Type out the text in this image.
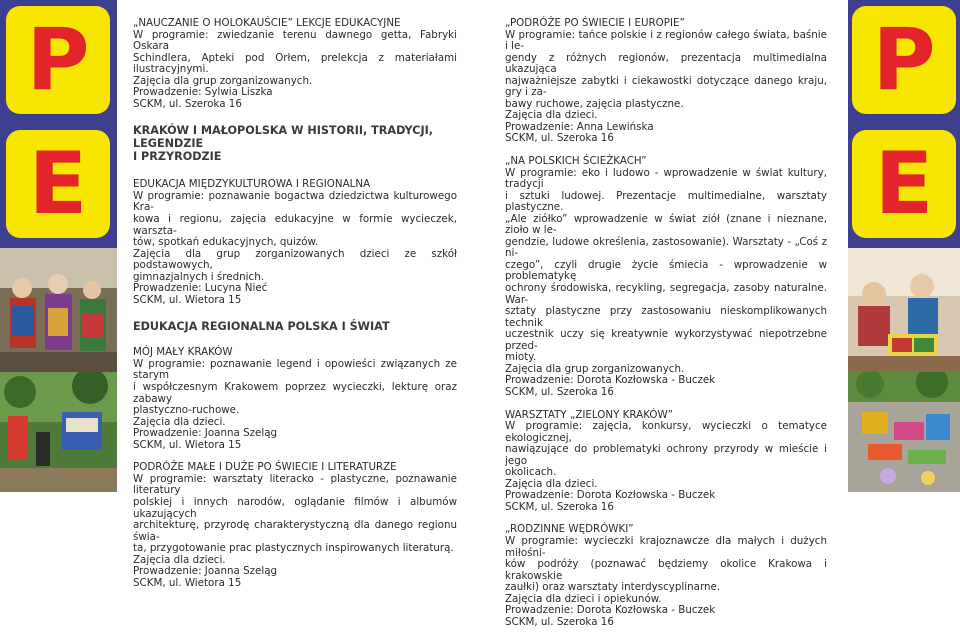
P
E

„NAUCZANIE O HOLOKAUŚCIE” LEKCJE EDUKACYJNE

W programie: zwiedzanie terenu dawnego getta, Fabryki Oskara

Schindlera, Apteki pod Orłem, prelekcja z materiałami ilustracyjnymi.

Zajęcia dla grup zorganizowanych.

Prowadzenie: Sylwia Liszka

SCKM, ul. Szeroka 16

KRAKÓW I MAŁOPOLSKA W HISTORII, TRADYCJI, LEGENDZIE

I PRZYRODZIE

EDUKACJA MIĘDZYKULTUROWA I REGIONALNA

W programie: poznawanie bogactwa dziedzictwa kulturowego Kra-

kowa i regionu, zajęcia edukacyjne w formie wycieczek, warszta-

tów, spotkań edukacyjnych, quizów.

Zajęcia dla grup zorganizowanych dzieci ze szkół podstawowych,

gimnazjalnych i średnich.

Prowadzenie: Lucyna Nieć

SCKM, ul. Wietora 15

EDUKACJA REGIONALNA POLSKA I ŚWIAT

MÓJ MAŁY KRAKÓW

W programie: poznawanie legend i opowieści związanych ze starym

i współczesnym Krakowem poprzez wycieczki, lekturę oraz zabawy

plastyczno-ruchowe.

Zajęcia dla dzieci.

Prowadzenie: Joanna Szeląg

SCKM, ul. Wietora 15

PODRÓŻE MAŁE I DUŻE PO ŚWIECIE I LITERATURZE

W programie: warsztaty literacko - plastyczne, poznawanie literatury

polskiej i innych narodów, oglądanie filmów i albumów ukazujących

architekturę, przyrodę charakterystyczną dla danego regionu świa-

ta, przygotowanie prac plastycznych inspirowanych literaturą.

Zajęcia dla dzieci.

Prowadzenie: Joanna Szeląg

SCKM, ul. Wietora 15

„PODRÓŻE PO ŚWIECIE I EUROPIE”

W programie: tańce polskie i z regionów całego świata, baśnie i le-

gendy z różnych regionów, prezentacja multimedialna ukazująca

najważniejsze zabytki i ciekawostki dotyczące danego kraju, gry i za-

bawy ruchowe, zajęcia plastyczne.

Zajęcia dla dzieci.

Prowadzenie: Anna Lewińska

SCKM, ul. Szeroka 16

„NA POLSKICH ŚCIEŻKACH”

W programie: eko i ludowo - wprowadzenie w świat kultury, tradycji

i sztuki ludowej. Prezentacje multimedialne, warsztaty plastyczne.

„Ale ziółko” wprowadzenie w świat ziół (znane i nieznane, zioło w le-

gendzie, ludowe określenia, zastosowanie). Warsztaty - „Coś z ni-

czego”, czyli drugie życie śmiecia - wprowadzenie w problematykę

ochrony środowiska, recykling, segregacja, zasoby naturalne. War-

sztaty plastyczne przy zastosowaniu nieskomplikowanych technik

uczestnik uczy się kreatywnie wykorzystywać niepotrzebne przed-

mioty.

Zajęcia dla grup zorganizowanych.

Prowadzenie: Dorota Kozłowska - Buczek

SCKM, ul. Szeroka 16

WARSZTATY „ZIELONY KRAKÓW”

W programie: zajęcia, konkursy, wycieczki o tematyce ekologicznej,

nawiązujące do problematyki ochrony przyrody w mieście i jego

okolicach.

Zajęcia dla dzieci.

Prowadzenie: Dorota Kozłowska - Buczek

SCKM, ul. Szeroka 16

„RODZINNE WĘDRÓWKI”

W programie: wycieczki krajoznawcze dla małych i dużych miłośni-

ków podróży (poznawać będziemy okolice Krakowa i krakowskie

zaułki) oraz warsztaty interdyscyplinarne.

Zajęcia dla dzieci i opiekunów.

Prowadzenie: Dorota Kozłowska - Buczek

SCKM, ul. Szeroka 16

P
E
